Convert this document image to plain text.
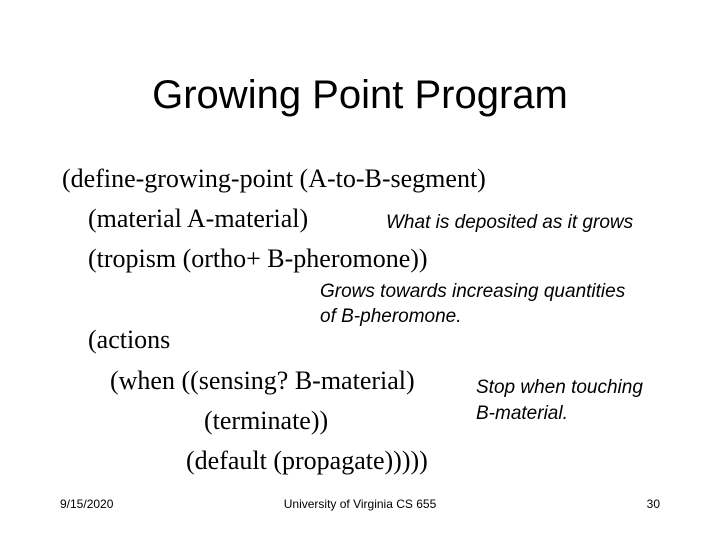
Growing Point Program
(define-growing-point (A-to-B-segment)
(material A-material)
(tropism (ortho+ B-pheromone))
(actions
(when ((sensing? B-material)
(terminate))
(default (propagate)))))
What is deposited as it grows
Grows towards increasing quantities
of B-pheromone.
Stop when touching
B-material.
9/15/2020	University of Virginia CS 655	30
